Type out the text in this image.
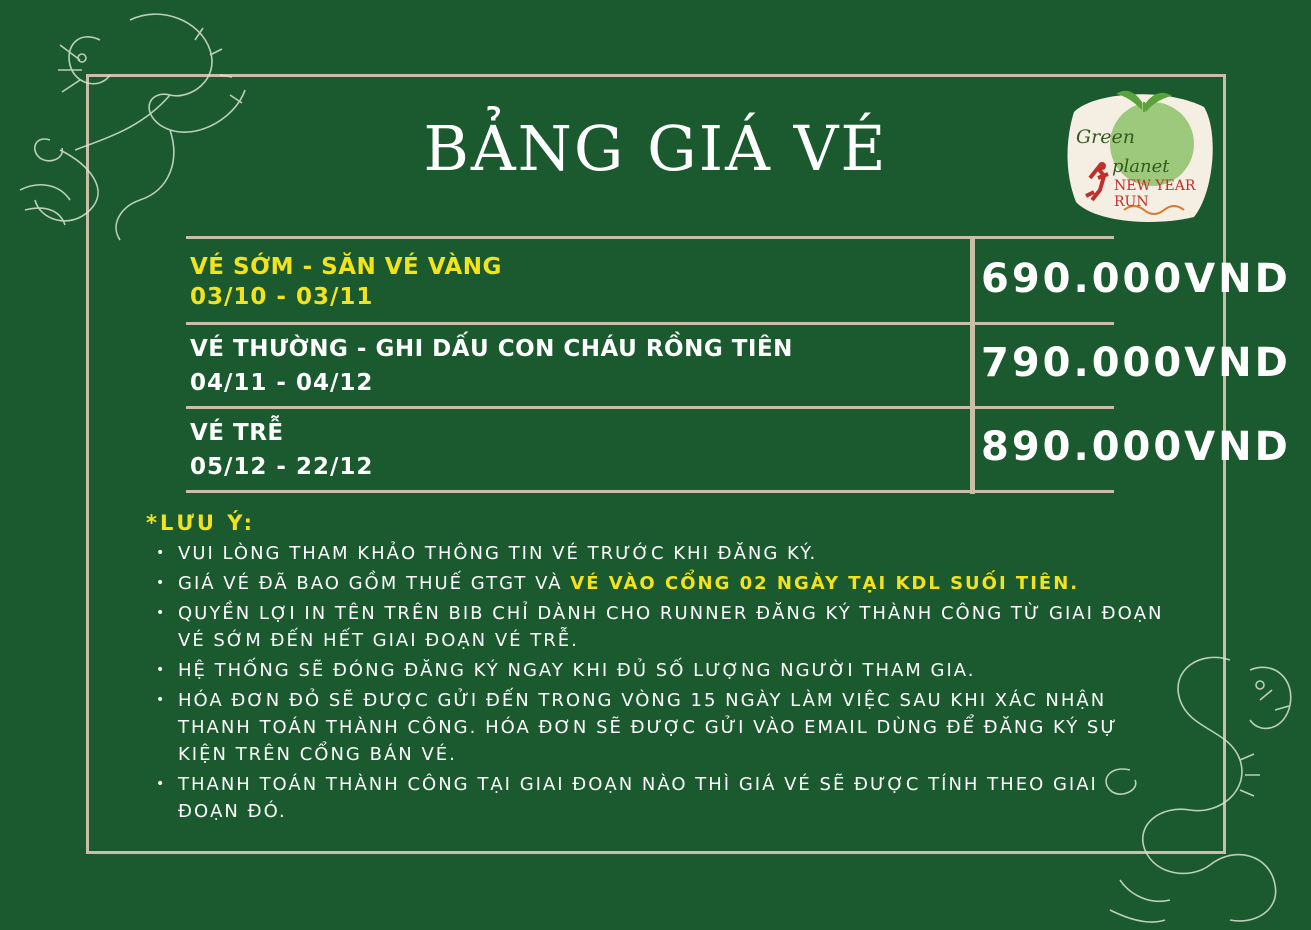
BẢNG GIÁ VÉ	Green
planet
NEW YEAR RUN
VÉ SỚM - SĂN VÉ VÀNG
03/10 - 03/11	690.000VND
VÉ THƯỜNG - GHI DẤU CON CHÁU RỒNG TIÊN
04/11 - 04/12	790.000VND
VÉ TRỄ
05/12 - 22/12	890.000VND
*LƯU Ý:
• VUI LÒNG THAM KHẢO THÔNG TIN VÉ TRƯỚC KHI ĐĂNG KÝ.
• GIÁ VÉ ĐÃ BAO GỒM THUẾ GTGT VÀ VÉ VÀO CỔNG 02 NGÀY TẠI KDL SUỐI TIÊN.
• QUYỀN LỢI IN TÊN TRÊN BIB CHỈ DÀNH CHO RUNNER ĐĂNG KÝ THÀNH CÔNG TỪ GIAI ĐOẠN VÉ SỚM ĐẾN HẾT GIAI ĐOẠN VÉ TRỄ.
• HỆ THỐNG SẼ ĐÓNG ĐĂNG KÝ NGAY KHI ĐỦ SỐ LƯỢNG NGƯỜI THAM GIA.
• HÓA ĐƠN ĐỎ SẼ ĐƯỢC GỬI ĐẾN TRONG VÒNG 15 NGÀY LÀM VIỆC SAU KHI XÁC NHẬN THANH TOÁN THÀNH CÔNG. HÓA ĐƠN SẼ ĐƯỢC GỬI VÀO EMAIL DÙNG ĐỂ ĐĂNG KÝ SỰ KIỆN TRÊN CỔNG BÁN VÉ.
• THANH TOÁN THÀNH CÔNG TẠI GIAI ĐOẠN NÀO THÌ GIÁ VÉ SẼ ĐƯỢC TÍNH THEO GIAI ĐOẠN ĐÓ.
